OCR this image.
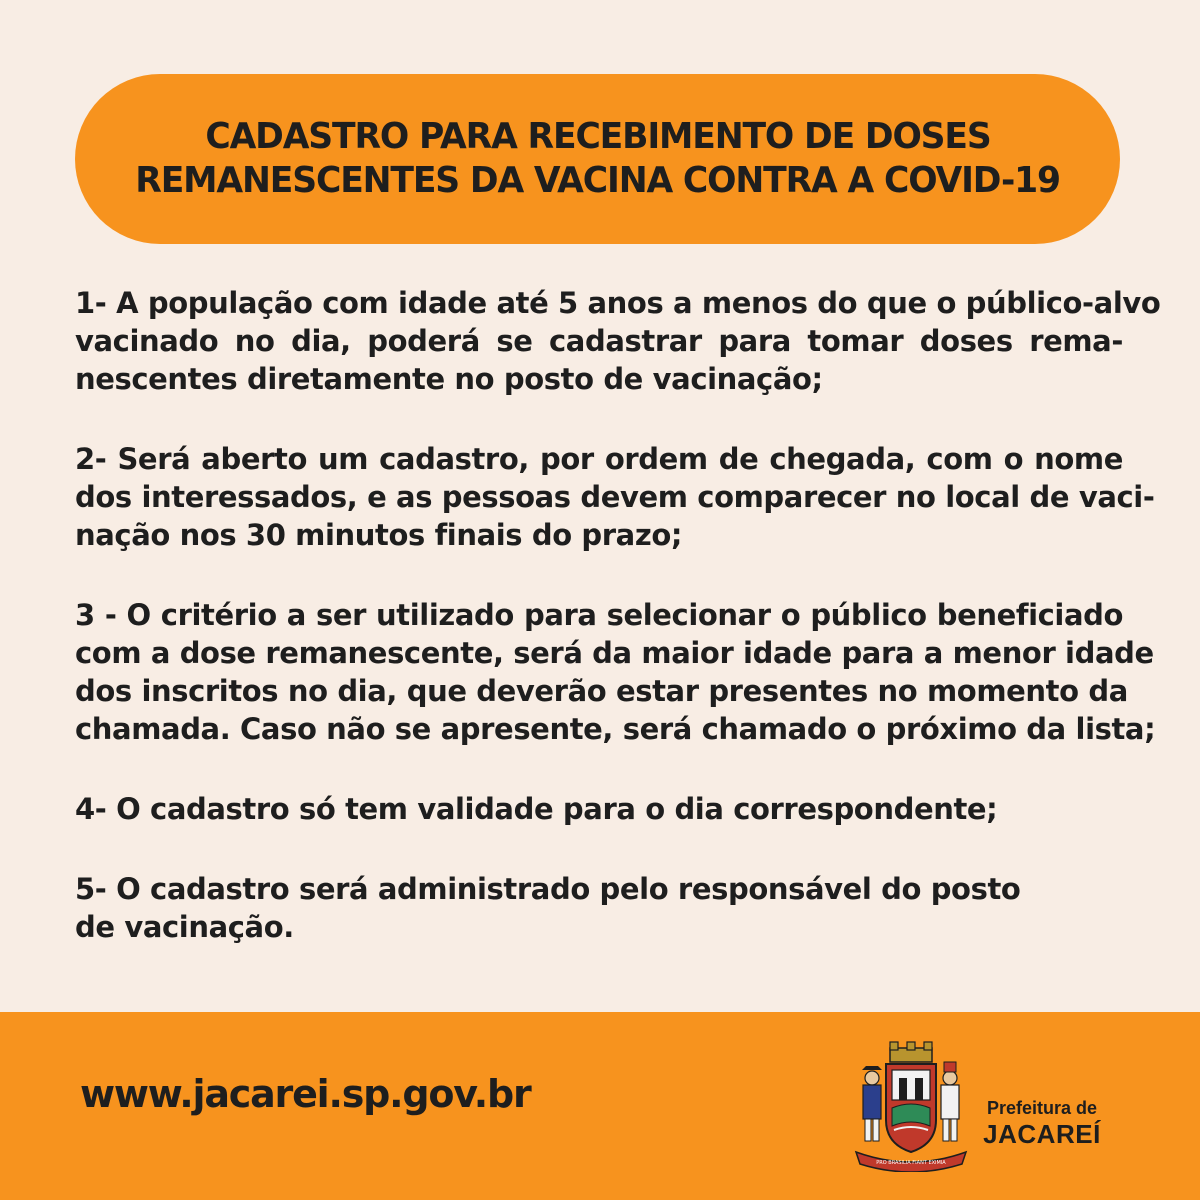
CADASTRO PARA RECEBIMENTO DE DOSES
REMANESCENTES DA VACINA CONTRA A COVID-19
1- A população com idade até 5 anos a menos do que o público-alvo
vacinado no dia, poderá se cadastrar para tomar doses rema-
nescentes diretamente no posto de vacinação;
2- Será aberto um cadastro, por ordem de chegada, com o nome
dos interessados, e as pessoas devem comparecer no local de vaci-
nação nos 30 minutos finais do prazo;
3 - O critério a ser utilizado para selecionar o público beneficiado
com a dose remanescente, será da maior idade para a menor idade
dos inscritos no dia, que deverão estar presentes no momento da
chamada. Caso não se apresente, será chamado o próximo da lista;
4- O cadastro só tem validade para o dia correspondente;
5- O cadastro será administrado pelo responsável do posto
de vacinação.
www.jacarei.sp.gov.br
PRO BRASILIA FIANT EXIMIA
Prefeitura de
JACAREÍ
